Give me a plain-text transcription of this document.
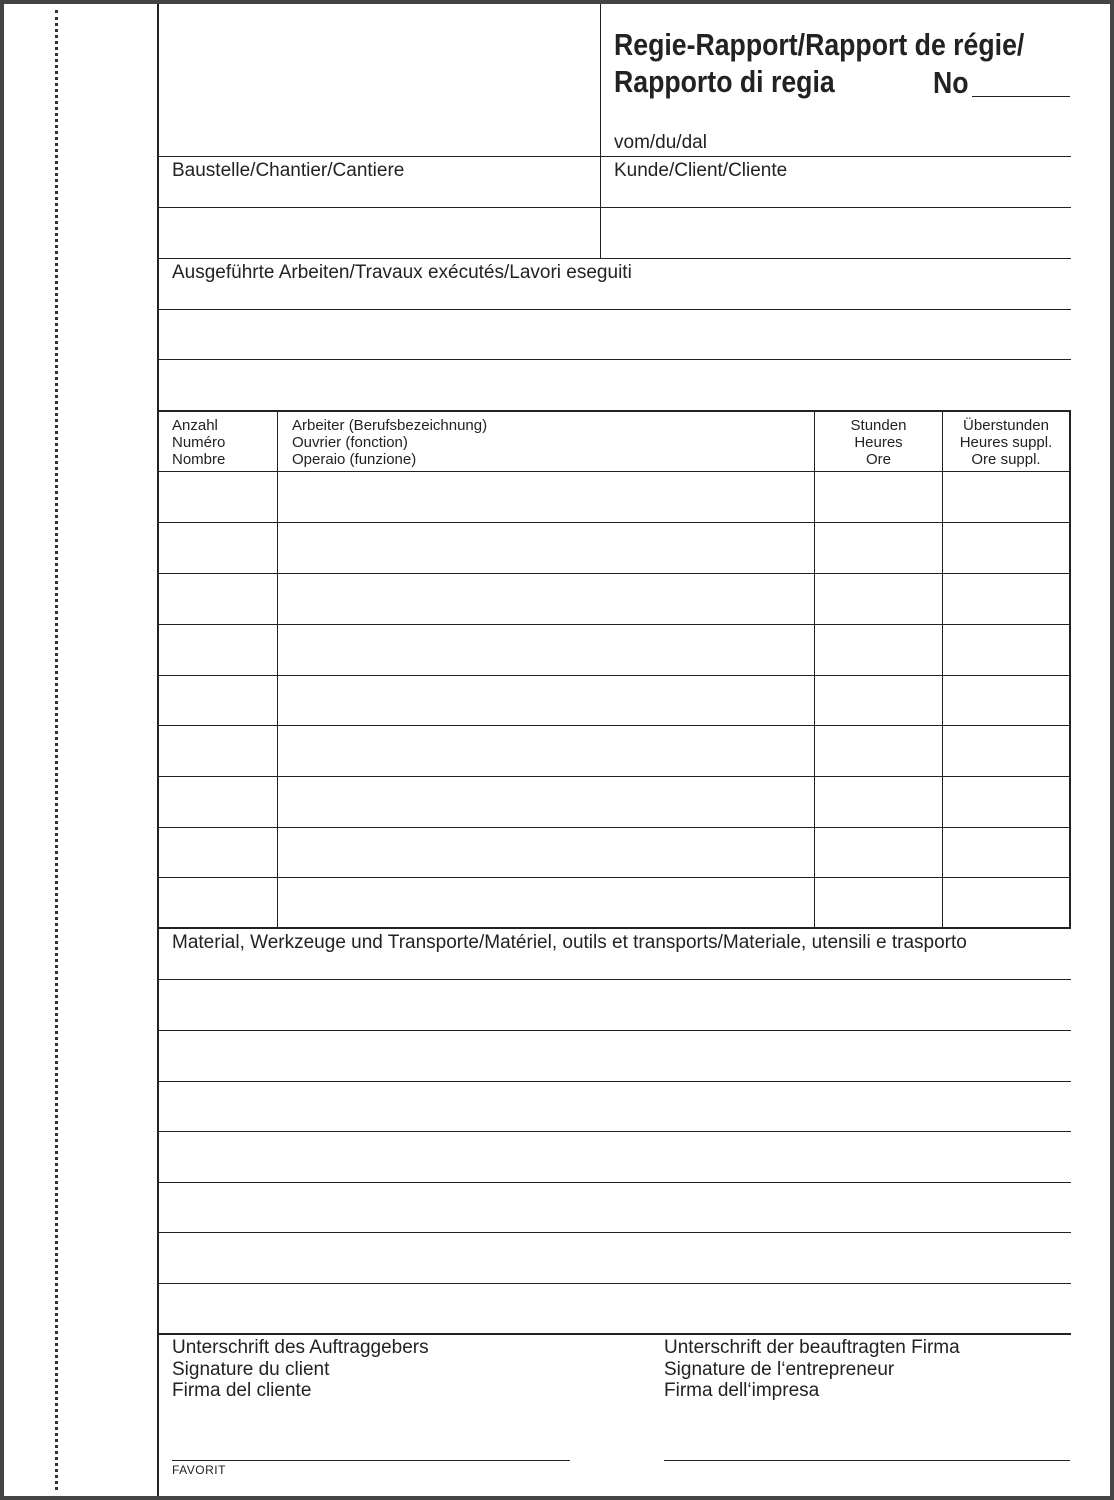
Regie-Rapport/Rapport de régie/
Rapporto di regia	No
vom/du/dal
Baustelle/Chantier/Cantiere	Kunde/Client/Cliente
Ausgeführte Arbeiten/Travaux exécutés/Lavori eseguiti
Anzahl
Numéro
Nombre
Arbeiter (Berufsbezeichnung)
Ouvrier (fonction)
Operaio (funzione)
Stunden
Heures
Ore
Überstunden
Heures suppl.
Ore suppl.
Material, Werkzeuge und Transporte/Matériel, outils et transports/Materiale, utensili e trasporto
Unterschrift des Auftraggebers
Signature du client
Firma del cliente
Unterschrift der beauftragten Firma
Signature de l‘entrepreneur
Firma dell‘impresa
FAVORIT
